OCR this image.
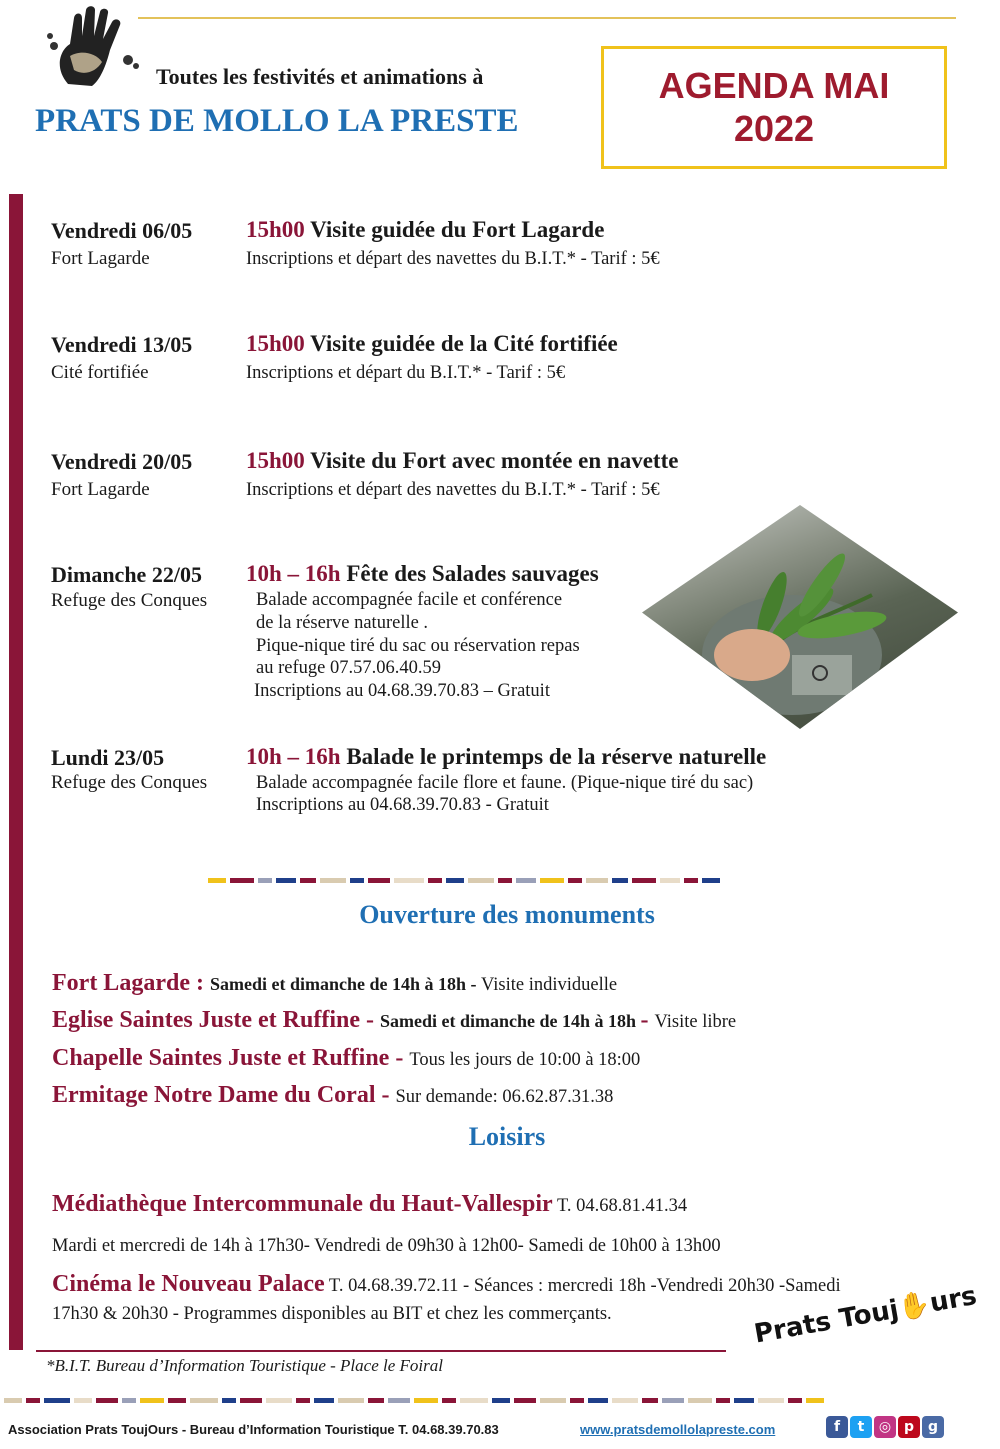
Toutes les festivités et animations à
PRATS DE MOLLO LA PRESTE
AGENDA MAI
2022
Vendredi 06/05
Fort Lagarde
15h00 Visite guidée du Fort Lagarde
Inscriptions et départ des navettes du B.I.T.* - Tarif : 5€
Vendredi 13/05
Cité fortifiée
15h00 Visite guidée de la Cité fortifiée
Inscriptions et départ du B.I.T.* - Tarif : 5€
Vendredi 20/05
Fort Lagarde
15h00 Visite du Fort avec montée en navette
Inscriptions et départ des navettes du B.I.T.* - Tarif : 5€
Dimanche 22/05
Refuge des Conques
10h – 16h Fête des Salades sauvages
Balade accompagnée facile et conférence
de la réserve naturelle .
Pique-nique tiré du sac ou réservation repas
au refuge 07.57.06.40.59
Inscriptions au 04.68.39.70.83 – Gratuit
Lundi 23/05
Refuge des Conques
10h – 16h Balade le printemps de la réserve naturelle
Balade accompagnée facile flore et faune. (Pique-nique tiré du sac)
Inscriptions au 04.68.39.70.83 - Gratuit
Ouverture des monuments
Fort Lagarde : Samedi et dimanche de 14h à 18h - Visite individuelle
Eglise Saintes Juste et Ruffine - Samedi et dimanche de 14h à 18h - Visite libre
Chapelle Saintes Juste et Ruffine - Tous les jours de 10:00 à 18:00
Ermitage Notre Dame du Coral - Sur demande: 06.62.87.31.38
Loisirs
Médiathèque Intercommunale du Haut-Vallespir T. 04.68.81.41.34
Mardi et mercredi de 14h à 17h30- Vendredi de 09h30 à 12h00- Samedi de 10h00 à 13h00
Cinéma le Nouveau Palace T. 04.68.39.72.11 - Séances : mercredi 18h -Vendredi 20h30 -Samedi
17h30 & 20h30 - Programmes disponibles au BIT et chez les commerçants.
*B.I.T. Bureau d’Information Touristique - Place le Foiral
Prats Touj✋urs
Association Prats ToujOurs - Bureau d’Information Touristique T. 04.68.39.70.83	www.pratsdemollolapreste.com	f	t	◎ p g
